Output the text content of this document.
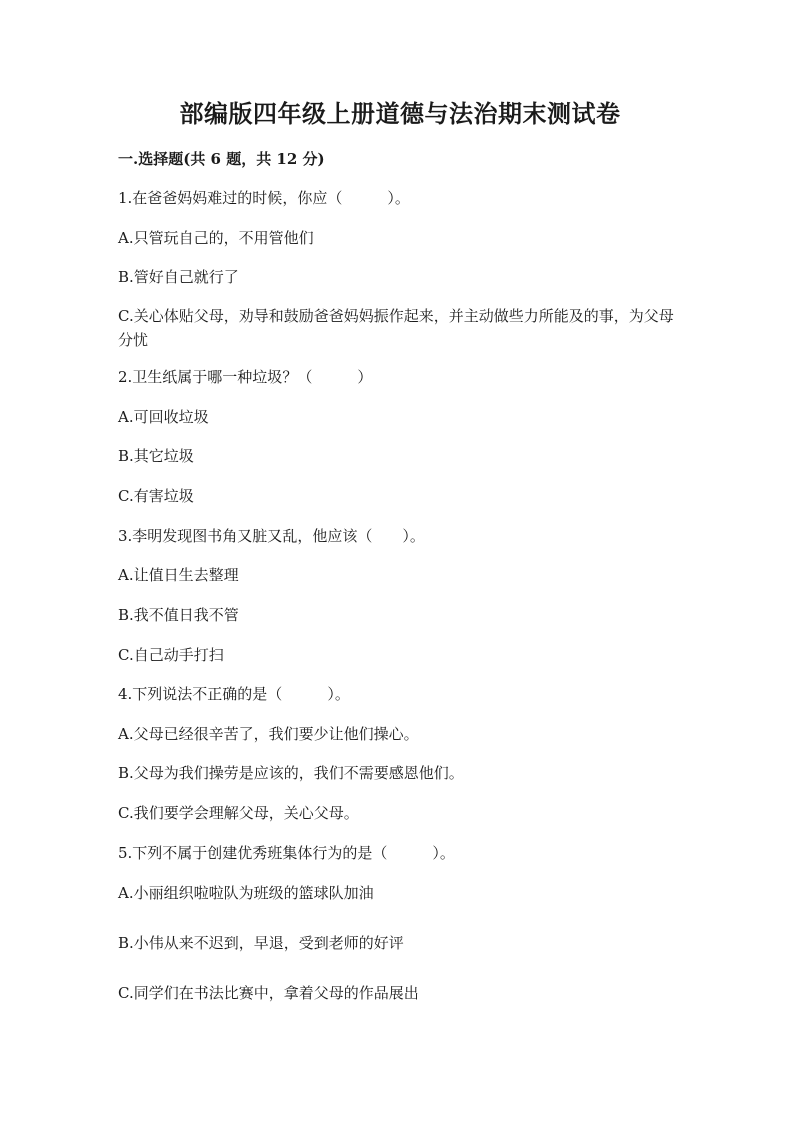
部编版四年级上册道德与法治期末测试卷
一.选择题(共 6 题，共 12 分)
1.在爸爸妈妈难过的时候，你应（　　　）。
A.只管玩自己的，不用管他们
B.管好自己就行了
C.关心体贴父母，劝导和鼓励爸爸妈妈振作起来，并主动做些力所能及的事，为父母分忧
2.卫生纸属于哪一种垃圾？（　　　）
A.可回收垃圾
B.其它垃圾
C.有害垃圾
3.李明发现图书角又脏又乱，他应该（　　）。
A.让值日生去整理
B.我不值日我不管
C.自己动手打扫
4.下列说法不正确的是（　　　）。
A.父母已经很辛苦了，我们要少让他们操心。
B.父母为我们操劳是应该的，我们不需要感恩他们。
C.我们要学会理解父母，关心父母。
5.下列不属于创建优秀班集体行为的是（　　　）。
A.小丽组织啦啦队为班级的篮球队加油
B.小伟从来不迟到，早退，受到老师的好评
C.同学们在书法比赛中，拿着父母的作品展出
